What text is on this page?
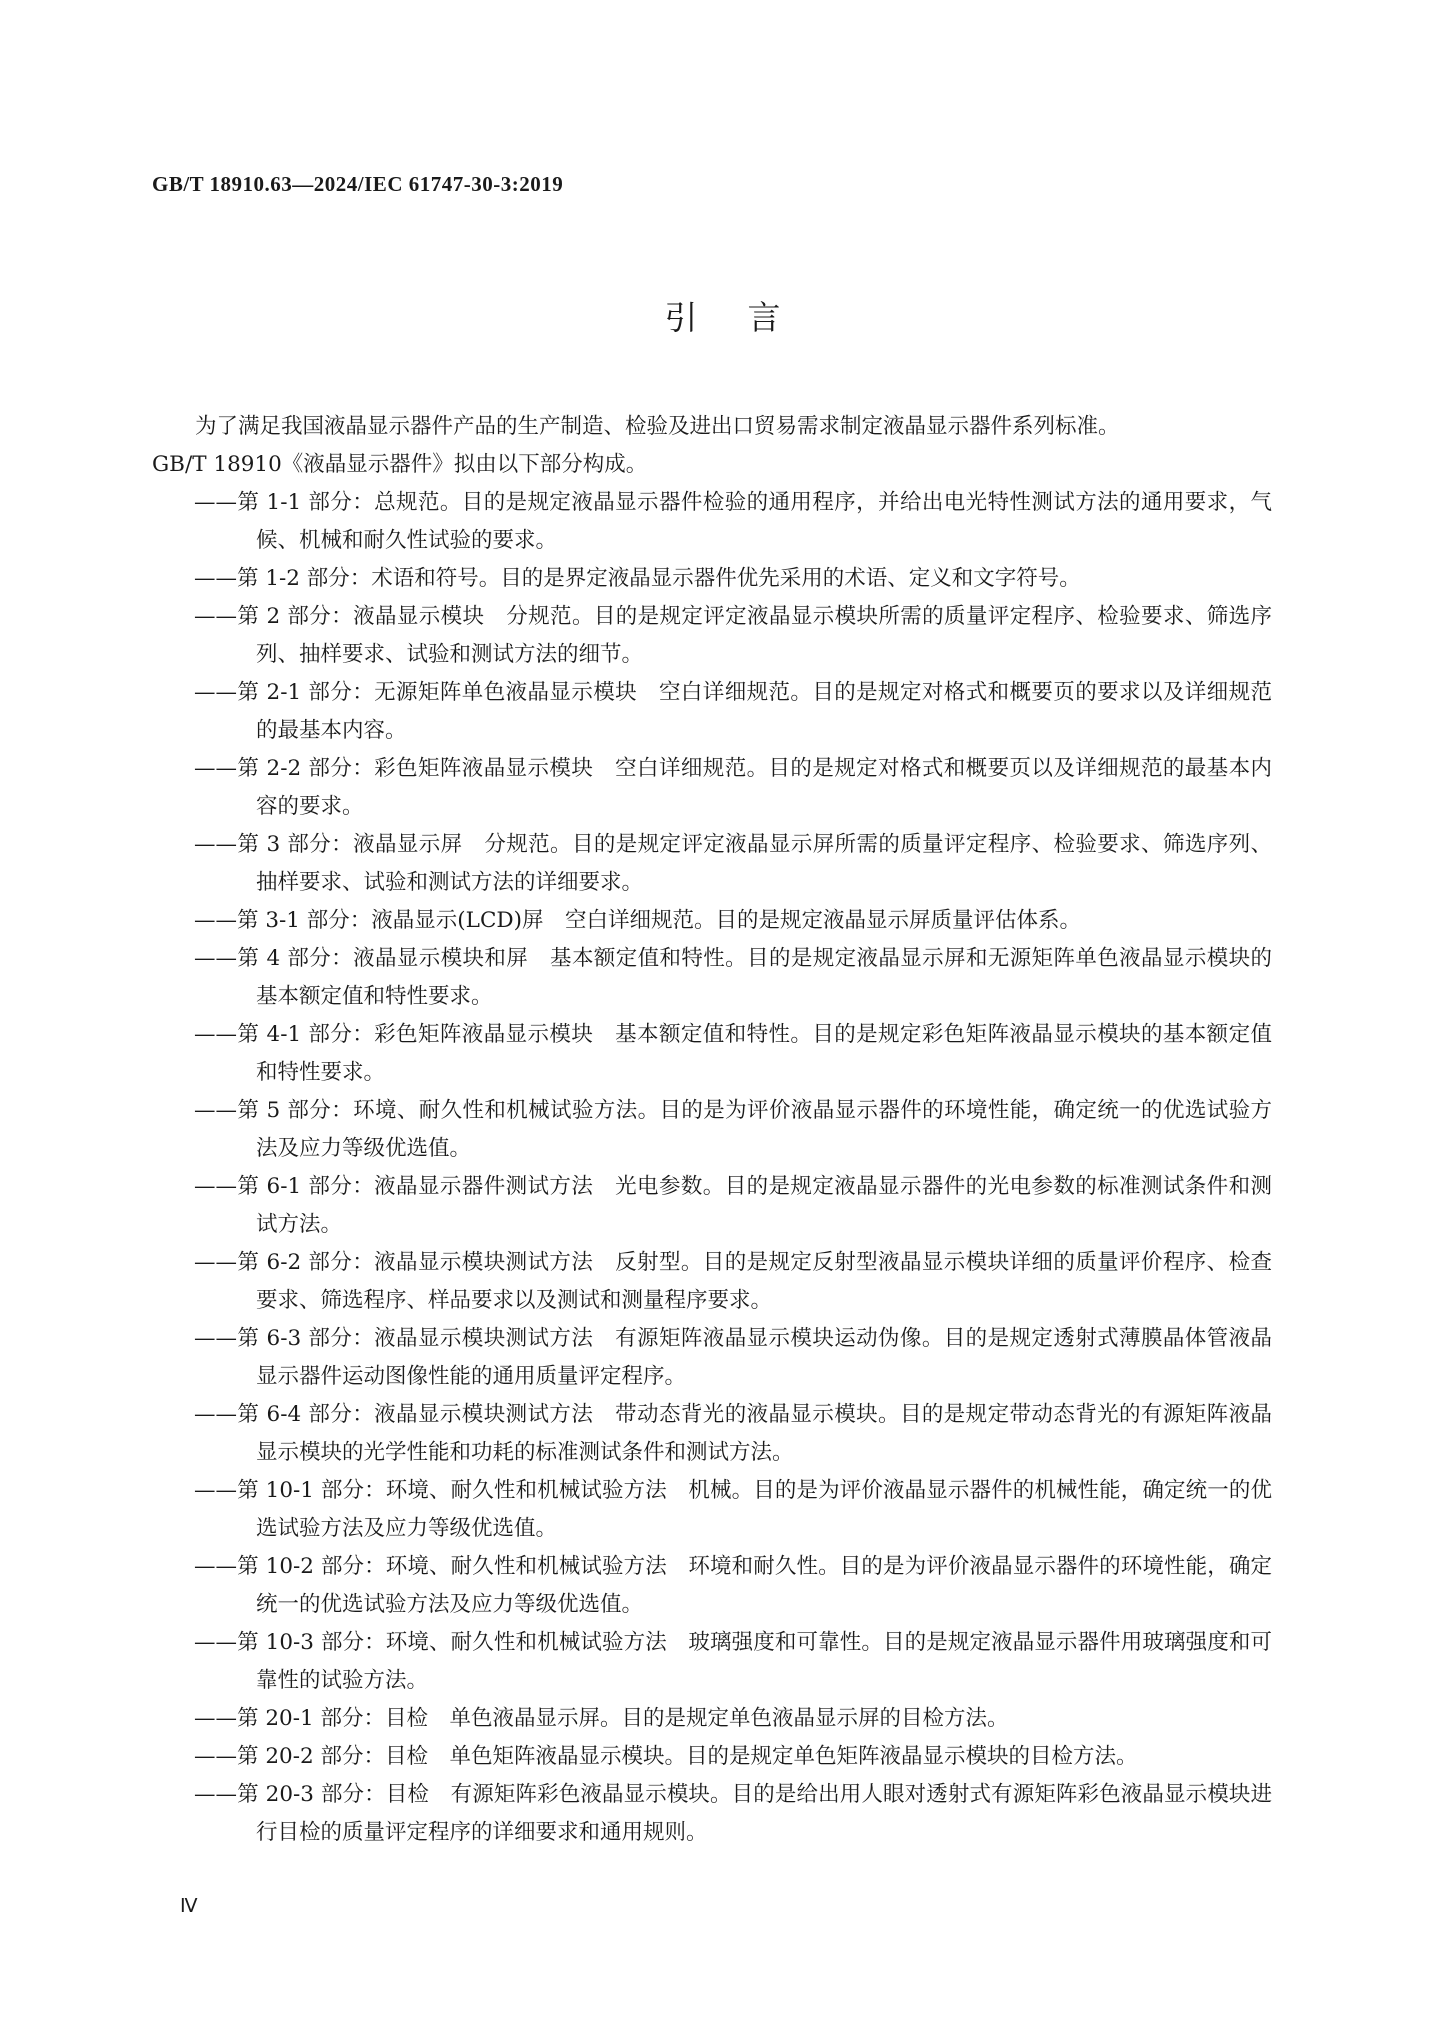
GB/T 18910.63—2024/IEC 61747-30-3:2019
引言

为了满足我国液晶显示器件产品的生产制造、检验及进出口贸易需求制定液晶显示器件系列标准。

GB/T 18910《液晶显示器件》拟由以下部分构成。

——第 1-1 部分：总规范。目的是规定液晶显示器件检验的通用程序，并给出电光特性测试方法的通用要求，气候、机械和耐久性试验的要求。

——第 1-2 部分：术语和符号。目的是界定液晶显示器件优先采用的术语、定义和文字符号。

——第 2 部分：液晶显示模块　分规范。目的是规定评定液晶显示模块所需的质量评定程序、检验要求、筛选序列、抽样要求、试验和测试方法的细节。

——第 2-1 部分：无源矩阵单色液晶显示模块　空白详细规范。目的是规定对格式和概要页的要求以及详细规范的最基本内容。

——第 2-2 部分：彩色矩阵液晶显示模块　空白详细规范。目的是规定对格式和概要页以及详细规范的最基本内容的要求。

——第 3 部分：液晶显示屏　分规范。目的是规定评定液晶显示屏所需的质量评定程序、检验要求、筛选序列、抽样要求、试验和测试方法的详细要求。

——第 3-1 部分：液晶显示(LCD)屏　空白详细规范。目的是规定液晶显示屏质量评估体系。

——第 4 部分：液晶显示模块和屏　基本额定值和特性。目的是规定液晶显示屏和无源矩阵单色液晶显示模块的基本额定值和特性要求。

——第 4-1 部分：彩色矩阵液晶显示模块　基本额定值和特性。目的是规定彩色矩阵液晶显示模块的基本额定值和特性要求。

——第 5 部分：环境、耐久性和机械试验方法。目的是为评价液晶显示器件的环境性能，确定统一的优选试验方法及应力等级优选值。

——第 6-1 部分：液晶显示器件测试方法　光电参数。目的是规定液晶显示器件的光电参数的标准测试条件和测试方法。

——第 6-2 部分：液晶显示模块测试方法　反射型。目的是规定反射型液晶显示模块详细的质量评价程序、检查要求、筛选程序、样品要求以及测试和测量程序要求。

——第 6-3 部分：液晶显示模块测试方法　有源矩阵液晶显示模块运动伪像。目的是规定透射式薄膜晶体管液晶显示器件运动图像性能的通用质量评定程序。

——第 6-4 部分：液晶显示模块测试方法　带动态背光的液晶显示模块。目的是规定带动态背光的有源矩阵液晶显示模块的光学性能和功耗的标准测试条件和测试方法。

——第 10-1 部分：环境、耐久性和机械试验方法　机械。目的是为评价液晶显示器件的机械性能，确定统一的优选试验方法及应力等级优选值。

——第 10-2 部分：环境、耐久性和机械试验方法　环境和耐久性。目的是为评价液晶显示器件的环境性能，确定统一的优选试验方法及应力等级优选值。

——第 10-3 部分：环境、耐久性和机械试验方法　玻璃强度和可靠性。目的是规定液晶显示器件用玻璃强度和可靠性的试验方法。

——第 20-1 部分：目检　单色液晶显示屏。目的是规定单色液晶显示屏的目检方法。

——第 20-2 部分：目检　单色矩阵液晶显示模块。目的是规定单色矩阵液晶显示模块的目检方法。

——第 20-3 部分：目检　有源矩阵彩色液晶显示模块。目的是给出用人眼对透射式有源矩阵彩色液晶显示模块进行目检的质量评定程序的详细要求和通用规则。

Ⅳ
